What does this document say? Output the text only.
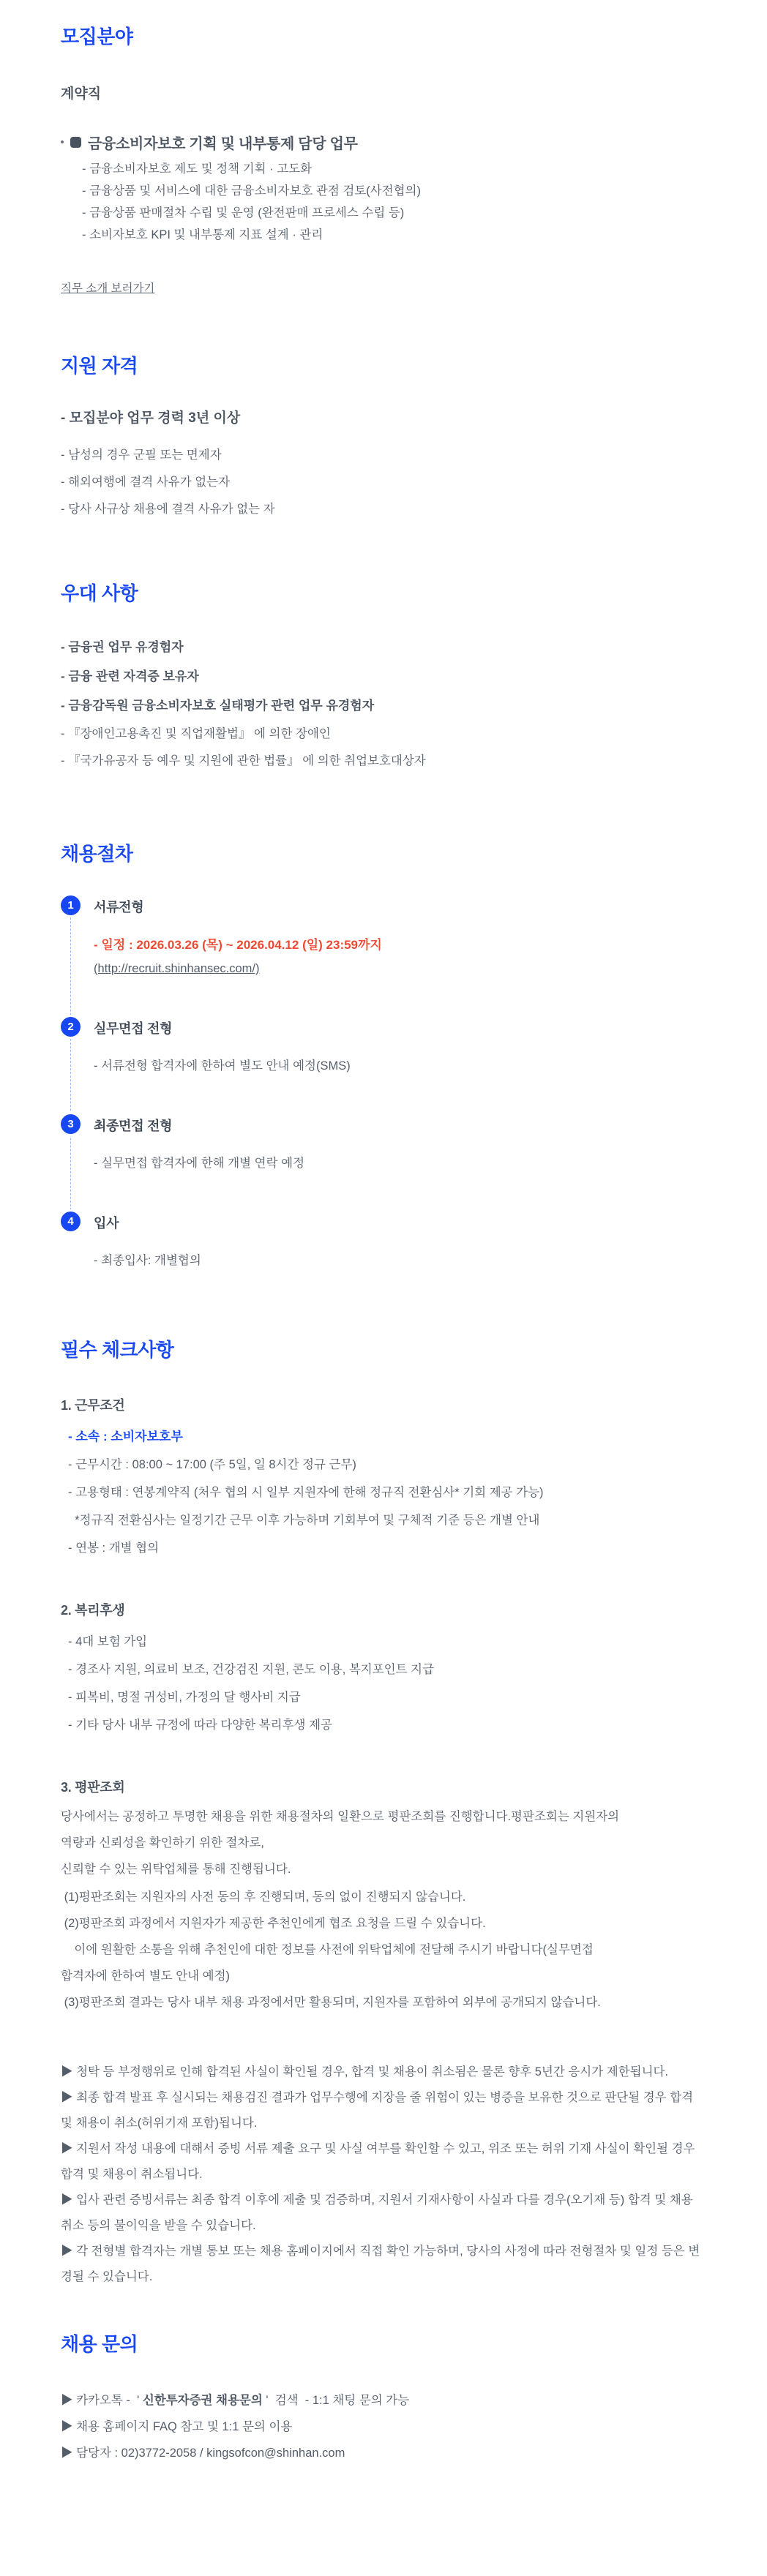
모집분야

계약직

금융소비자보호 기획 및 내부통제 담당 업무
- 금융소비자보호 제도 및 정책 기획 · 고도화
- 금융상품 및 서비스에 대한 금융소비자보호 관점 검토(사전협의)
- 금융상품 판매절차 수립 및 운영 (완전판매 프로세스 수립 등)
- 소비자보호 KPI 및 내부통제 지표 설계 · 관리
직무 소개 보러가기
지원 자격

- 모집분야 업무 경력 3년 이상

- 남성의 경우 군필 또는 면제자
- 해외여행에 결격 사유가 없는자
- 당사 사규상 채용에 결격 사유가 없는 자
우대 사항
- 금융권 업무 유경험자
- 금융 관련 자격증 보유자
- 금융감독원 금융소비자보호 실태평가 관련 업무 유경험자
- 『장애인고용촉진 및 직업재활법』 에 의한 장애인
- 『국가유공자 등 예우 및 지원에 관한 법률』 에 의한 취업보호대상자
채용절차
1	서류전형
- 일정 : 2026.03.26 (목) ~ 2026.04.12 (일) 23:59까지
(http://recruit.shinhansec.com/)
2	실무면접 전형
- 서류전형 합격자에 한하여 별도 안내 예정(SMS)
3	최종면접 전형
- 실무면접 합격자에 한해 개별 연락 예정
4	입사
- 최종입사: 개별협의
필수 체크사항
1. 근무조건
- 소속 : 소비자보호부
- 근무시간 : 08:00 ~ 17:00 (주 5일, 일 8시간 정규 근무)
- 고용형태 : 연봉계약직 (처우 협의 시 일부 지원자에 한해 정규직 전환심사* 기회 제공 가능)
*정규직 전환심사는 일정기간 근무 이후 가능하며 기회부여 및 구체적 기준 등은 개별 안내
- 연봉 : 개별 협의
2. 복리후생
- 4대 보험 가입
- 경조사 지원, 의료비 보조, 건강검진 지원, 콘도 이용, 복지포인트 지급
- 피복비, 명절 귀성비, 가정의 달 행사비 지급
- 기타 당사 내부 규정에 따라 다양한 복리후생 제공
3. 평판조회
당사에서는 공정하고 투명한 채용을 위한 채용절차의 일환으로 평판조회를 진행합니다.평판조회는 지원자의
역량과 신뢰성을 확인하기 위한 절차로,
신뢰할 수 있는 위탁업체를 통해 진행됩니다.
(1)평판조회는 지원자의 사전 동의 후 진행되며, 동의 없이 진행되지 않습니다.
(2)평판조회 과정에서 지원자가 제공한 추천인에게 협조 요청을 드릴 수 있습니다.
이에 원활한 소통을 위해 추천인에 대한 정보를 사전에 위탁업체에 전달해 주시기 바랍니다(실무면접
합격자에 한하여 별도 안내 예정)
(3)평판조회 결과는 당사 내부 채용 과정에서만 활용되며, 지원자를 포함하여 외부에 공개되지 않습니다.

▶ 청탁 등 부정행위로 인해 합격된 사실이 확인될 경우, 합격 및 채용이 취소됨은 물론 향후 5년간 응시가 제한됩니다.

▶ 최종 합격 발표 후 실시되는 채용검진 결과가 업무수행에 지장을 줄 위험이 있는 병증을 보유한 것으로 판단될 경우 합격 및 채용이 취소(허위기재 포함)됩니다.

▶ 지원서 작성 내용에 대해서 증빙 서류 제출 요구 및 사실 여부를 확인할 수 있고, 위조 또는 허위 기재 사실이 확인될 경우 합격 및 채용이 취소됩니다.

▶ 입사 관련 증빙서류는 최종 합격 이후에 제출 및 검증하며, 지원서 기재사항이 사실과 다를 경우(오기재 등) 합격 및 채용 취소 등의 불이익을 받을 수 있습니다.

▶ 각 전형별 합격자는 개별 통보 또는 채용 홈페이지에서 직접 확인 가능하며, 당사의 사정에 따라 전형절차 및 일정 등은 변경될 수 있습니다.

채용 문의

▶ 카카오톡 -  ' 신한투자증권 채용문의 '  검색  - 1:1 채팅 문의 가능

▶ 채용 홈페이지 FAQ 참고 및 1:1 문의 이용

▶ 담당자 : 02)3772-2058 / kingsofcon@shinhan.com
